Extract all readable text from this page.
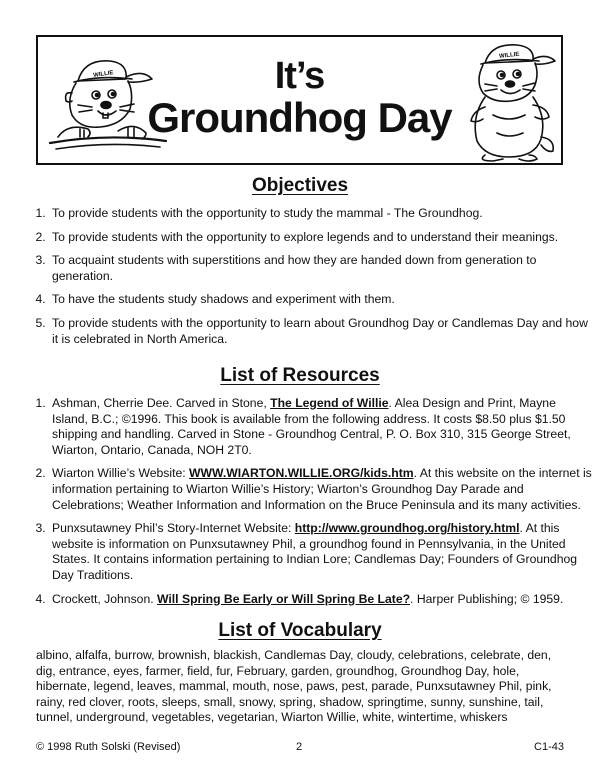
WILLIE	It’s
Groundhog Day
WILLIE
Objectives
1. To provide students with the opportunity to study the mammal - The Groundhog.
2. To provide students with the opportunity to explore legends and to understand their meanings.
3. To acquaint students with superstitions and how they are handed down from generation to generation.
4. To have the students study shadows and experiment with them.
5. To provide students with the opportunity to learn about Groundhog Day or Candlemas Day and how it is celebrated in North America.
List of Resources
1. Ashman, Cherrie Dee. Carved in Stone, The Legend of Willie. Alea Design and Print, Mayne Island, B.C.; ©1996. This book is available from the following address. It costs $8.50 plus $1.50 shipping and handling. Carved in Stone - Groundhog Central, P. O. Box 310, 315 George Street, Wiarton, Ontario, Canada, NOH 2T0.
2. Wiarton Willie’s Website: WWW.WIARTON.WILLIE.ORG/kids.htm. At this website on the internet is information pertaining to Wiarton Willie’s History; Wiarton’s Groundhog Day Parade and Celebrations; Weather Information and Information on the Bruce Peninsula and its many activities.
3. Punxsutawney Phil’s Story-Internet Website: http://www.groundhog.org/history.html. At this website is information on Punxsutawney Phil, a groundhog found in Pennsylvania, in the United States. It contains information pertaining to Indian Lore; Candlemas Day; Founders of Groundhog Day Traditions.
4. Crockett, Johnson. Will Spring Be Early or Will Spring Be Late?. Harper Publishing; © 1959.
List of Vocabulary
albino, alfalfa, burrow, brownish, blackish, Candlemas Day, cloudy, celebrations, celebrate, den, dig, entrance, eyes, farmer, field, fur, February, garden, groundhog, Groundhog Day, hole, hibernate, legend, leaves, mammal, mouth, nose, paws, pest, parade, Punxsutawney Phil, pink, rainy, red clover, roots, sleeps, small, snowy, spring, shadow, springtime, sunny, sunshine, tail, tunnel, underground, vegetables, vegetarian, Wiarton Willie, white, wintertime, whiskers
© 1998 Ruth Solski (Revised)	2	C1-43
